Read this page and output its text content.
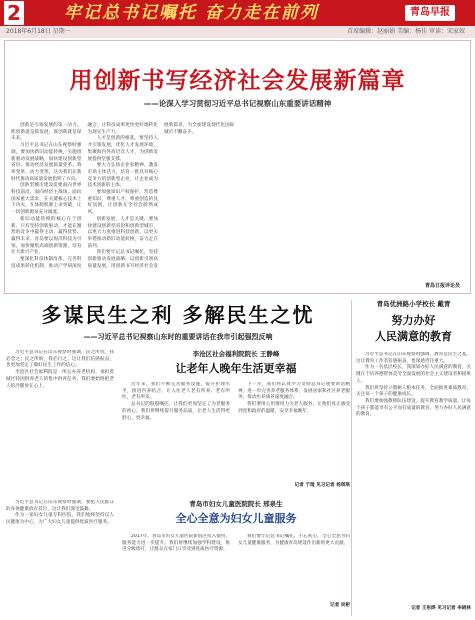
2	牢记总书记嘱托 奋力走在前列	青岛早报
2018年6月18日 星期一	首席编辑：赵丽娟 美编：杨佳 审读：宋家奴
用创新书写经济社会发展新篇章
——论深入学习贯彻习近平总书记视察山东重要讲话精神

创新是引领发展的第一动力。抓创新就是抓发展，谋创新就是谋未来。

习近平总书记在山东视察时强调，要加快新旧动能转换，实施创新驱动发展战略，加快建设创新型省份，推动经济发展质量变革、效率变革、动力变革。这为我们在新时代推动高质量发展指明了方向。

创新型城市建设需要面向世界科技前沿、面向经济主战场、面向国家重大需求，在关键核心技术上下功夫，在体制机制上求突破，让一切创新源泉充分涌流。

新旧动能转换的核心在于创新。只有坚持创新驱动，才能在激烈的竞争中赢得主动、赢得优势、赢得未来。青岛要以海洋科技为引领，加快聚集高端创新资源，培育壮大新兴产业。

要深化科技体制改革，完善科技成果转化机制，推动产学研深度融合，让科技成果更快更好地转化为现实生产力。

人才是创新的根基。要坚持人才引领发展，优化人才发展环境，集聚海内外高层次人才，为创新发展提供坚强支撑。

要大力弘扬企业家精神，激发市场主体活力，培育一批具有核心竞争力的创新型企业，让企业成为技术创新的主体。

要加强知识产权保护，营造尊重知识、尊重人才、尊重创造的良好氛围，让创新在全社会蔚然成风。

创新发展，人才是关键。要加快建设创新型省份和创新型城市，以更大力度推进科技创新，以更实举措推动新旧动能转换，奋力走在前列。

我们要牢记总书记嘱托，坚持创新驱动发展战略，以创新引领高质量发展，用创新书写经济社会发展新篇章，为全面建设现代化国际城市不懈奋斗。

青岛日报评论员
多谋民生之利 多解民生之忧
——习近平总书记视察山东时的重要讲话在我市引起强烈反响

习近平总书记在山东视察时强调，民之所忧，我必念之；民之所盼，我必行之。这让我们倍感振奋，也更加坚定了做好民生工作的信心。

李沧区社会福利院是一所公办养老机构，承担着城区特困供养老人的集中供养任务。我们要始终把老人的冷暖放在心上。

李沧区社会福利院院长 王静峰
让老年人晚年生活更幸福

近年来，我们不断完善服务设施，提升护理水平，推进医养结合，让入住老人老有所养、老有所医、老有所乐。

总书记的殷殷嘱托，让我们更加坚定了为老服务的初心。我们将继续提升服务品质，让老人生活得更舒心、更幸福。

下一步，我们将认真学习贯彻总书记重要讲话精神，进一步完善养老服务体系，发展居家和社区养老服务，推动医养康养深度融合。

我们要用心用情用力为老人服务，让他们真正感受到党和政府的温暖，安享幸福晚年。

记者 于琨 见习记者 杨琪琪
青岛市妇女儿童医院院长 邢泉生
全心全意为妇女儿童服务

习近平总书记在山东视察时强调，要把人民群众的身体健康放在首位，这让我们深受鼓舞。

作为一家妇女儿童专科医院，我们始终坚持以人民健康为中心，为广大妇女儿童提供优质医疗服务。

2017年，青岛市妇女儿童医院新院区投入使用，服务能力进一步提升。我们将继续加强学科建设，推进分级诊疗，让群众在家门口享受到优质医疗资源。

我们要牢记总书记嘱托，不忘初心，全心全意为妇女儿童健康服务，为健康青岛建设作出新的更大贡献。

记者 吴彬
青岛优洲路小学校长 戴青
努力办好
人民满意的教育

习近平总书记在山东视察时强调，教育是民生之基。这让教育工作者倍感振奋，也深感责任重大。

作为一名基层校长，我深知办好人民满意的教育，关键在于培养德智体美劳全面发展的社会主义建设者和接班人。

我们将坚持立德树人根本任务，全面推进素质教育，关注每一个孩子的健康成长。

我们要加强教师队伍建设，提升教育教学质量，让每个孩子都能享有公平而有质量的教育，努力办好人民满意的教育。

记者 王彤烨 见习记者 李晓林
